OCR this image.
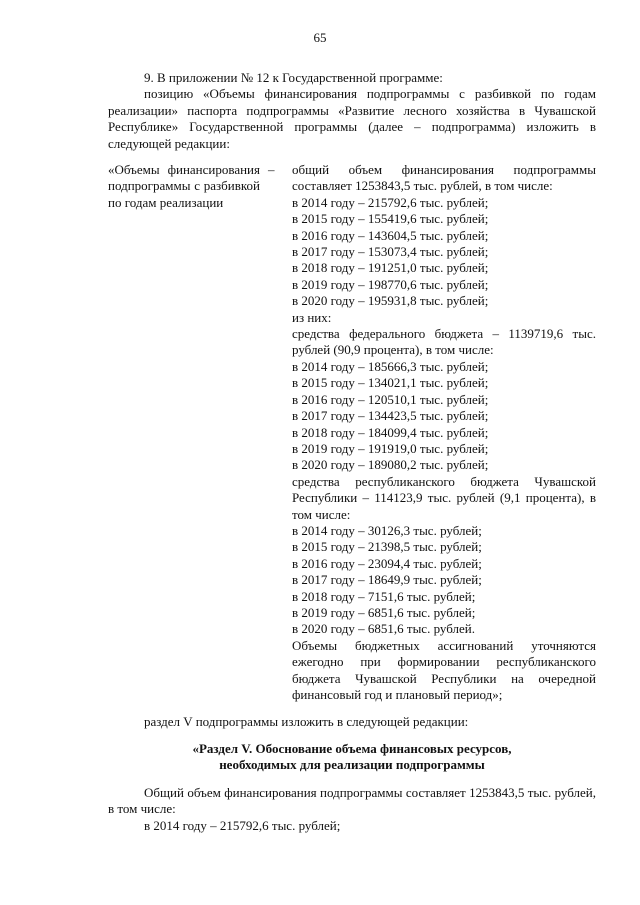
65

9. В приложении № 12 к Государственной программе:

позицию «Объемы финансирования подпрограммы с разбивкой по годам реализации» паспорта подпрограммы «Развитие лесного хозяйства в Чувашской Республике» Государственной программы (далее – подпрограмма) изложить в следующей редакции:

«Объемы финансирования подпрограммы с разбивкой по годам реализации
–	общий объем финансирования подпрограммы составляет 1253843,5 тыс. рублей, в том числе:

в 2014 году – 215792,6 тыс. рублей;

в 2015 году – 155419,6 тыс. рублей;

в 2016 году – 143604,5 тыс. рублей;

в 2017 году – 153073,4 тыс. рублей;

в 2018 году – 191251,0 тыс. рублей;

в 2019 году – 198770,6 тыс. рублей;

в 2020 году – 195931,8 тыс. рублей;

из них:

средства федерального бюджета – 1139719,6 тыс. рублей (90,9 процента), в том числе:

в 2014 году – 185666,3 тыс. рублей;

в 2015 году – 134021,1 тыс. рублей;

в 2016 году – 120510,1 тыс. рублей;

в 2017 году – 134423,5 тыс. рублей;

в 2018 году – 184099,4 тыс. рублей;

в 2019 году – 191919,0 тыс. рублей;

в 2020 году – 189080,2 тыс. рублей;

средства республиканского бюджета Чувашской Республики – 114123,9 тыс. рублей (9,1 процента), в том числе:

в 2014 году – 30126,3 тыс. рублей;

в 2015 году – 21398,5 тыс. рублей;

в 2016 году – 23094,4 тыс. рублей;

в 2017 году – 18649,9 тыс. рублей;

в 2018 году – 7151,6 тыс. рублей;

в 2019 году – 6851,6 тыс. рублей;

в 2020 году – 6851,6 тыс. рублей.

Объемы бюджетных ассигнований уточняются ежегодно при формировании республиканского бюджета Чувашской Республики на очередной финансовый год и плановый период»;

раздел V подпрограммы изложить в следующей редакции:

«Раздел V. Обоснование объема финансовых ресурсов,

необходимых для реализации подпрограммы

Общий объем финансирования подпрограммы составляет 1253843,5 тыс. рублей, в том числе:

в 2014 году – 215792,6 тыс. рублей;
